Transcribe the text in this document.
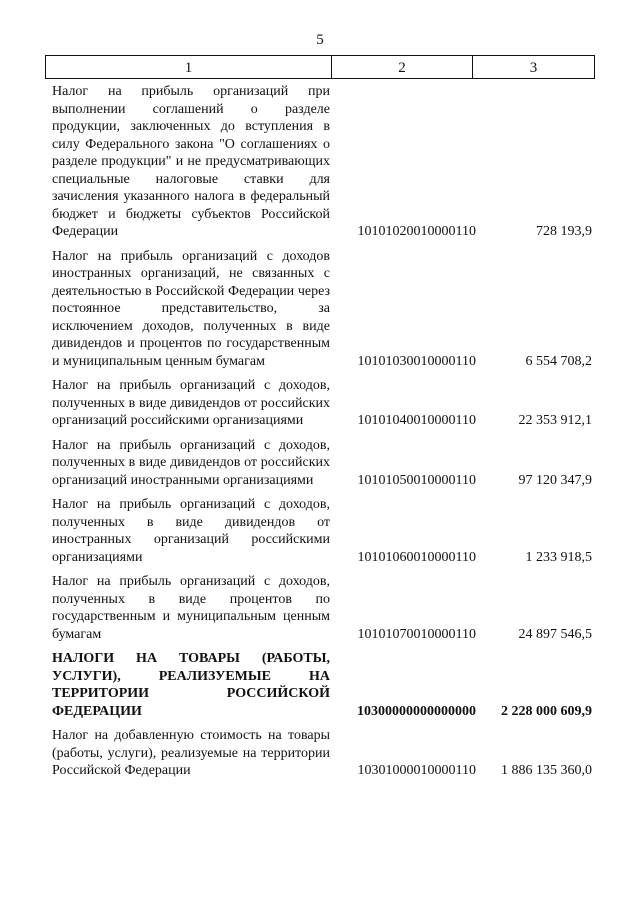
5
1	2	3
Налог на прибыль организаций при выполнении соглашений о разделе продукции, заключенных до вступления в силу Федерального закона "О соглашениях о разделе продукции" и не предусматривающих специальные налоговые ставки для зачисления указанного налога в федеральный бюджет и бюджеты субъектов Российской Федерации	10101020010000110	728 193,9
Налог на прибыль организаций с доходов иностранных организаций, не связанных с деятельностью в Российской Федерации через постоянное представительство, за исключением доходов, полученных в виде дивидендов и процентов по государственным и муниципальным ценным бумагам	10101030010000110	6 554 708,2
Налог на прибыль организаций с доходов, полученных в виде дивидендов от российских организаций российскими организациями	10101040010000110	22 353 912,1
Налог на прибыль организаций с доходов, полученных в виде дивидендов от российских организаций иностранными организациями	10101050010000110	97 120 347,9
Налог на прибыль организаций с доходов, полученных в виде дивидендов от иностранных организаций российскими организациями	10101060010000110	1 233 918,5
Налог на прибыль организаций с доходов, полученных в виде процентов по государственным и муниципальным ценным бумагам	10101070010000110	24 897 546,5
НАЛОГИ НА ТОВАРЫ (РАБОТЫ, УСЛУГИ), РЕАЛИЗУЕМЫЕ НА ТЕРРИТОРИИ РОССИЙСКОЙ ФЕДЕРАЦИИ	10300000000000000	2 228 000 609,9
Налог на добавленную стоимость на товары (работы, услуги), реализуемые на территории Российской Федерации	10301000010000110	1 886 135 360,0
